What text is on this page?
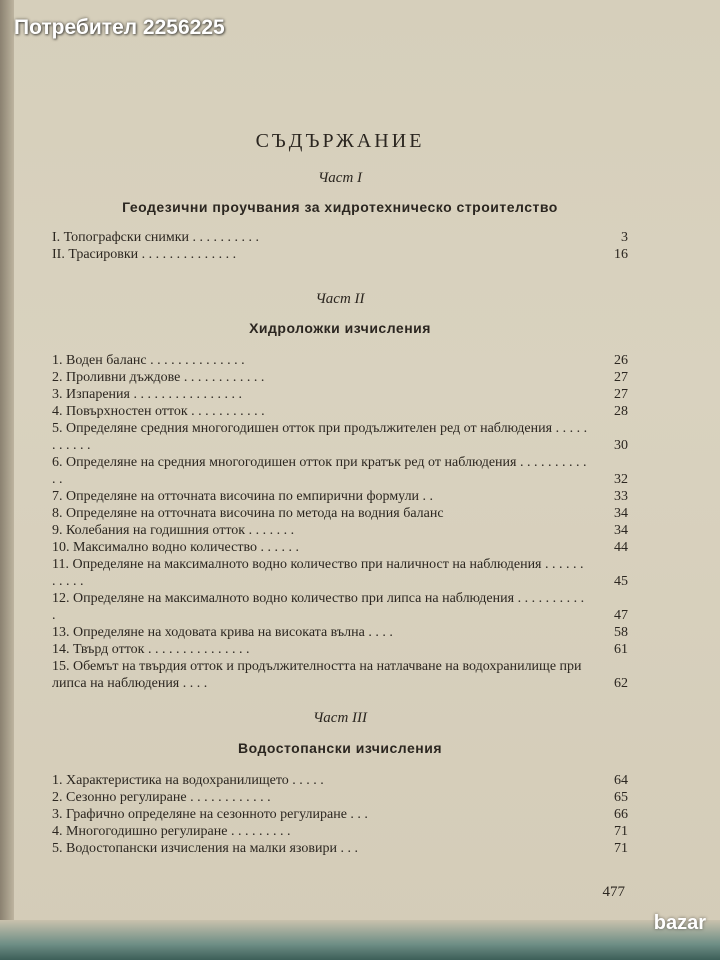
Потребител 2256225
СЪДЪРЖАНИЕ
Част I
Геодезични проучвания за хидротехническо строителство
I. Топографски снимки . . . . . . . . . .	3
II. Трасировки . . . . . . . . . . . . . .	16
Част II
Хидроложки изчисления
1. Воден баланс . . . . . . . . . . . . . .	26
2. Проливни дъждове . . . . . . . . . . . .	27
3. Изпарения . . . . . . . . . . . . . . . .	27
4. Повърхностен отток . . . . . . . . . . .	28
5. Определяне средния многогодишен отток при продължителен ред от наблюдения . . . . . . . . . . .	30
6. Определяне на средния многогодишен отток при кратък ред от наблюдения . . . . . . . . . . . .	32
7. Определяне на отточната височина по емпирични формули . .	33
8. Определяне на отточната височина по метода на водния баланс	34
9. Колебания на годишния отток . . . . . . .	34
10. Максимално водно количество . . . . . .	44
11. Определяне на максималното водно количество при наличност на наблюдения . . . . . . . . . . .	45
12. Определяне на максималното водно количество при липса на наблюдения . . . . . . . . . . .	47
13. Определяне на ходовата крива на високата вълна . . . .	58
14. Твърд отток . . . . . . . . . . . . . . .	61
15. Обемът на твърдия отток и продължителността на натлачване на водохранилище при липса на наблюдения . . . .	62
Част III
Водостопански изчисления
1. Характеристика на водохранилището . . . . .	64
2. Сезонно регулиране . . . . . . . . . . . .	65
3. Графично определяне на сезонното регулиране . . .	66
4. Многогодишно регулиране . . . . . . . . .	71
5. Водостопански изчисления на малки язовири . . .	71
477
bazar
